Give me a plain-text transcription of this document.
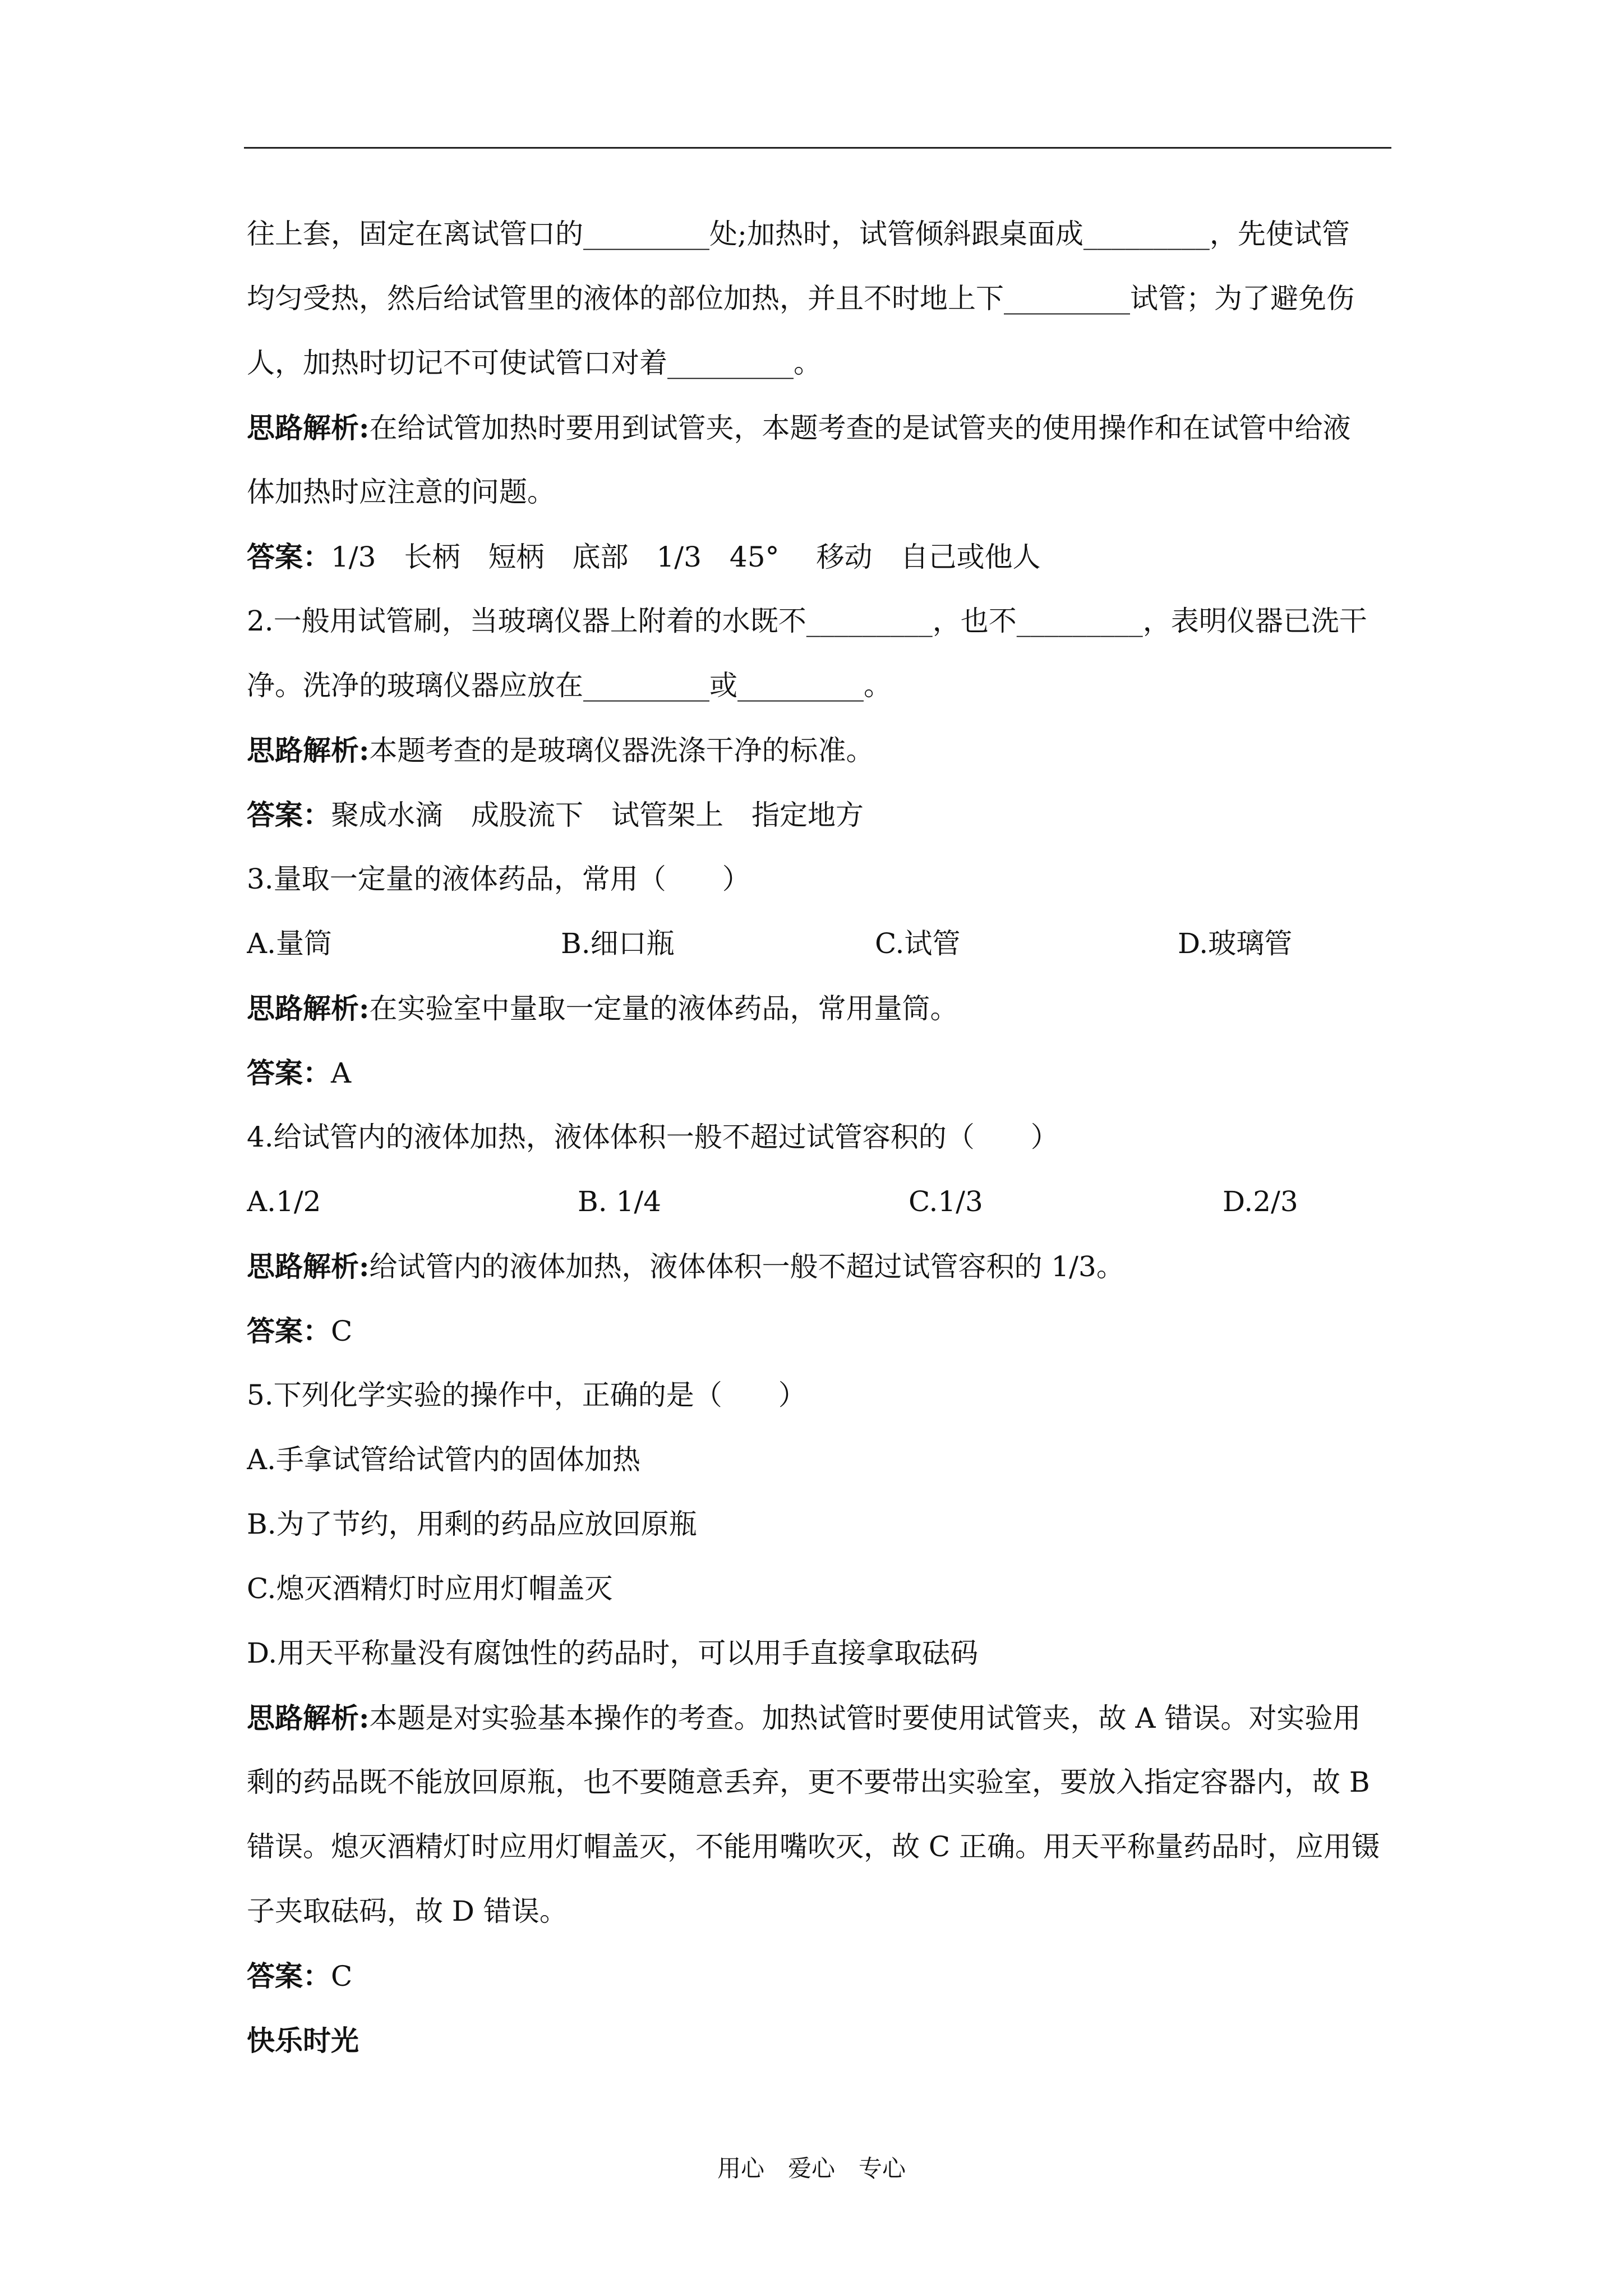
往上套，固定在离试管口的_________处;加热时，试管倾斜跟桌面成_________，先使试管
均匀受热，然后给试管里的液体的部位加热，并且不时地上下_________试管；为了避免伤
人，加热时切记不可使试管口对着_________。
思路解析:在给试管加热时要用到试管夹，本题考查的是试管夹的使用操作和在试管中给液
体加热时应注意的问题。
答案：1/3　长柄　短柄　底部　1/3　45°　 移动　自己或他人
2.一般用试管刷，当玻璃仪器上附着的水既不_________，也不_________，表明仪器已洗干
净。洗净的玻璃仪器应放在_________或_________。
思路解析:本题考查的是玻璃仪器洗涤干净的标准。
答案：聚成水滴　成股流下　试管架上　指定地方
3.量取一定量的液体药品，常用（　　）
A.量筒	B.细口瓶	C.试管	D.玻璃管
思路解析:在实验室中量取一定量的液体药品，常用量筒。
答案：A
4.给试管内的液体加热，液体体积一般不超过试管容积的（　　）
A.1/2	B. 1/4	C.1/3	D.2/3
思路解析:给试管内的液体加热，液体体积一般不超过试管容积的 1/3。
答案：C
5.下列化学实验的操作中，正确的是（　　）
A.手拿试管给试管内的固体加热
B.为了节约，用剩的药品应放回原瓶
C.熄灭酒精灯时应用灯帽盖灭
D.用天平称量没有腐蚀性的药品时，可以用手直接拿取砝码
思路解析:本题是对实验基本操作的考查。加热试管时要使用试管夹，故 A 错误。对实验用
剩的药品既不能放回原瓶，也不要随意丢弃，更不要带出实验室，要放入指定容器内，故 B
错误。熄灭酒精灯时应用灯帽盖灭，不能用嘴吹灭，故 C 正确。用天平称量药品时，应用镊
子夹取砝码，故 D 错误。
答案：C
快乐时光
用心　爱心　专心
